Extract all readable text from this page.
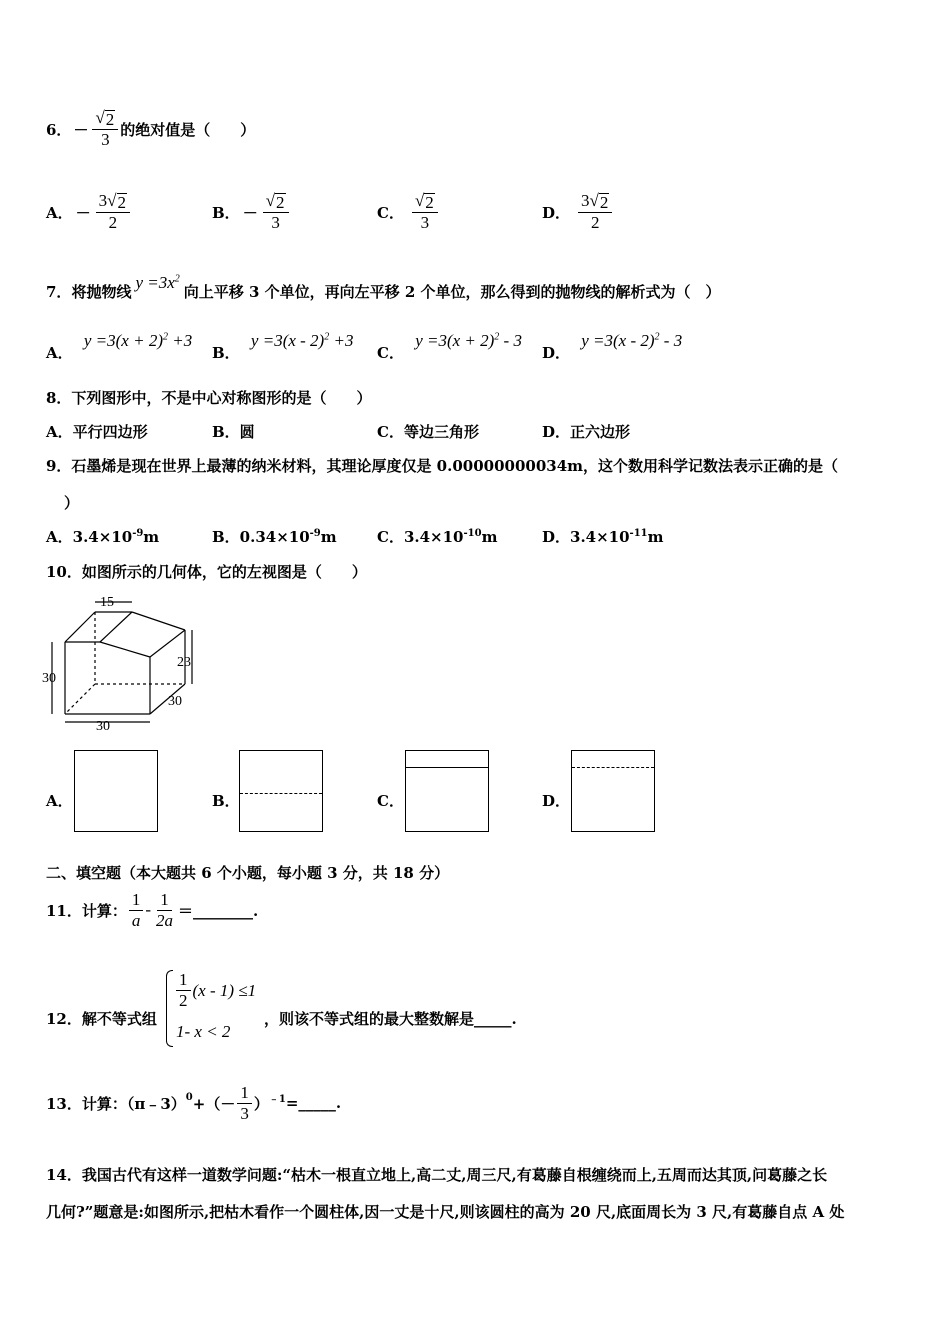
6． － $\frac{√ 2}{3}$ 的绝对值是（　　）
A． － $\frac{3 √ 2}{2}$	B． － $\frac{√ 2}{3}$	C． $\frac{√ 2}{3}$	D． $\frac{3 √ 2}{2}$
7． 将抛物线 $y =3x^2$
向上平移 3 个单位，再向左平移 2 个单位，那么得到的抛物线的解析式为（　）
A． $y =3(x + 2)^2 +3$
B． y =3(x - 2)$^2$ +3
C． $y =3(x + 2)^2 - 3$
D． y =3(x - 2)$^2$ - 3
8．下列图形中，不是中心对称图形的是（　　）
A．平行四边形	B．圆	C．等边三角形	D．正六边形
9．石墨烯是现在世界上最薄的纳米材料，其理论厚度仅是 0.00000000034m，这个数用科学记数法表示正确的是（
）
A．$3.4\times 10^{-9}m$	B．$0.34\times 10^{-9}m$	C．$3.4\times 10^{-10}m$	D．$3.4\times 10^{-11}m$
10．如图所示的几何体，它的左视图是（　　）
15
30
23
30
30
A．	B．	C．	D．
二、填空题（本大题共 6 个小题，每小题 3 分，共 18 分）
11．计算： $\frac{1}{a} - \frac{1}{2a}$ ＝________.
12．解不等式组
$\frac{1}{2} (x - 1) \le 1$
1- x < 2
，则该不等式组的最大整数解是_____.
13．计算：（π﹣3）$^0$ +（－ $\frac{1}{3} )^{﹣1}$ =_____.
14．我国古代有这样一道数学问题:“枯木一根直立地上,高二丈,周三尺,有葛藤自根缠绕而上,五周而达其顶,问葛藤之长
几何?”题意是:如图所示,把枯木看作一个圆柱体,因一丈是十尺,则该圆柱的高为 20 尺,底面周长为 3 尺,有葛藤自点 A 处
